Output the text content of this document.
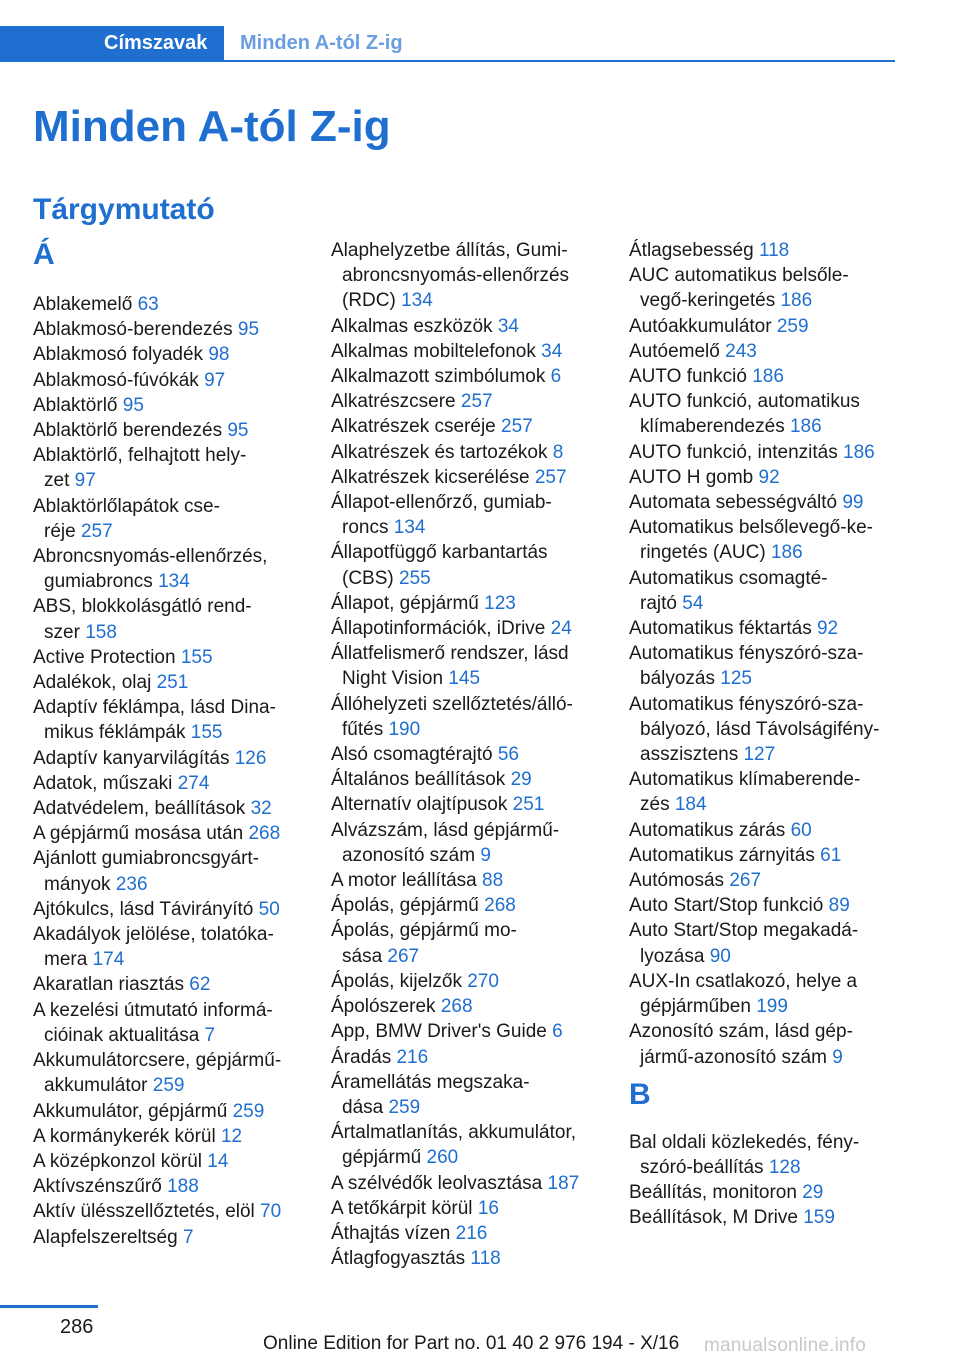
Címszavak	Minden A-tól Z-ig
Minden A-tól Z-ig
Tárgymutató
Á
Ablakemelő 63
Ablakmosó-berendezés 95
Ablakmosó folyadék 98
Ablakmosó-fúvókák 97
Ablaktörlő 95
Ablaktörlő berendezés 95
Ablaktörlő, felhajtott hely-
zet 97
Ablaktörlőlapátok cse-
réje 257
Abroncsnyomás-ellenőrzés,
gumiabroncs 134
ABS, blokkolásgátló rend-
szer 158
Active Protection 155
Adalékok, olaj 251
Adaptív féklámpa, lásd Dina-
mikus féklámpák 155
Adaptív kanyarvilágítás 126
Adatok, műszaki 274
Adatvédelem, beállítások 32
A gépjármű mosása után 268
Ajánlott gumiabroncsgyárt-
mányok 236
Ajtókulcs, lásd Távirányító 50
Akadályok jelölése, tolatóka-
mera 174
Akaratlan riasztás 62
A kezelési útmutató informá-
cióinak aktualitása 7
Akkumulátorcsere, gépjármű-
akkumulátor 259
Akkumulátor, gépjármű 259
A kormánykerék körül 12
A középkonzol körül 14
Aktívszénszűrő 188
Aktív ülésszellőztetés, elöl 70
Alapfelszereltség 7
Alaphelyzetbe állítás, Gumi-
abroncsnyomás-ellenőrzés
(RDC) 134
Alkalmas eszközök 34
Alkalmas mobiltelefonok 34
Alkalmazott szimbólumok 6
Alkatrészcsere 257
Alkatrészek cseréje 257
Alkatrészek és tartozékok 8
Alkatrészek kicserélése 257
Állapot-ellenőrző, gumiab-
roncs 134
Állapotfüggő karbantartás
(CBS) 255
Állapot, gépjármű 123
Állapotinformációk, iDrive 24
Állatfelismerő rendszer, lásd
Night Vision 145
Állóhelyzeti szellőztetés/álló-
fűtés 190
Alsó csomagtérajtó 56
Általános beállítások 29
Alternatív olajtípusok 251
Alvázszám, lásd gépjármű-
azonosító szám 9
A motor leállítása 88
Ápolás, gépjármű 268
Ápolás, gépjármű mo-
sása 267
Ápolás, kijelzők 270
Ápolószerek 268
App, BMW Driver's Guide 6
Áradás 216
Áramellátás megszaka-
dása 259
Ártalmatlanítás, akkumulátor,
gépjármű 260
A szélvédők leolvasztása 187
A tetőkárpit körül 16
Áthajtás vízen 216
Átlagfogyasztás 118
Átlagsebesség 118
AUC automatikus belsőle-
vegő-keringetés 186
Autóakkumulátor 259
Autóemelő 243
AUTO funkció 186
AUTO funkció, automatikus
klímaberendezés 186
AUTO funkció, intenzitás 186
AUTO H gomb 92
Automata sebességváltó 99
Automatikus belsőlevegő-ke-
ringetés (AUC) 186
Automatikus csomagté-
rajtó 54
Automatikus féktartás 92
Automatikus fényszóró-sza-
bályozás 125
Automatikus fényszóró-sza-
bályozó, lásd Távolságifény-
asszisztens 127
Automatikus klímaberende-
zés 184
Automatikus zárás 60
Automatikus zárnyitás 61
Autómosás 267
Auto Start/Stop funkció 89
Auto Start/Stop megakadá-
lyozása 90
AUX-In csatlakozó, helye a
gépjárműben 199
Azonosító szám, lásd gép-
jármű-azonosító szám 9
B
Bal oldali közlekedés, fény-
szóró-beállítás 128
Beállítás, monitoron 29
Beállítások, M Drive 159
286
Online Edition for Part no. 01 40 2 976 194 - X/16 manualsonline.info
